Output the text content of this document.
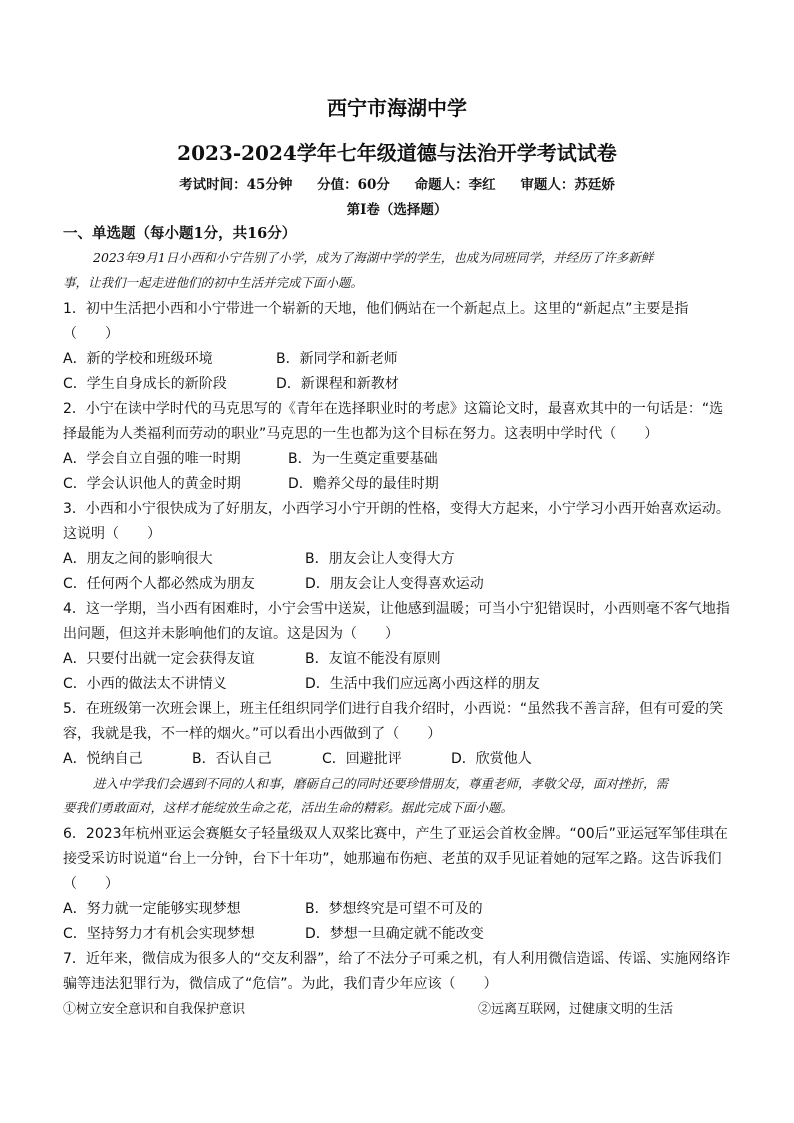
西宁市海湖中学
2023-2024学年七年级道德与法治开学考试试卷
考试时间：45分钟 分值：60分 命题人：李红 审题人：苏廷娇
第Ⅰ卷（选择题）
一、单选题（每小题1分，共16分）
2023年9月1日小西和小宁告别了小学，成为了海湖中学的学生，也成为同班同学，并经历了许多新鲜
事，让我们一起走进他们的初中生活并完成下面小题。
1．初中生活把小西和小宁带进一个崭新的天地，他们俩站在一个新起点上。这里的“新起点”主要是指
（　　）
A．新的学校和班级环境	B．新同学和新老师
C．学生自身成长的新阶段	D．新课程和新教材
2．小宁在读中学时代的马克思写的《青年在选择职业时的考虑》这篇论文时，最喜欢其中的一句话是：“选
择最能为人类福利而劳动的职业”马克思的一生也都为这个目标在努力。这表明中学时代（　　）
A．学会自立自强的唯一时期	B．为一生奠定重要基础
C．学会认识他人的黄金时期	D．赡养父母的最佳时期
3．小西和小宁很快成为了好朋友，小西学习小宁开朗的性格，变得大方起来，小宁学习小西开始喜欢运动。
这说明（　　）
A．朋友之间的影响很大	B．朋友会让人变得大方
C．任何两个人都必然成为朋友	D．朋友会让人变得喜欢运动
4．这一学期，当小西有困难时，小宁会雪中送炭，让他感到温暖；可当小宁犯错误时，小西则毫不客气地指
出问题，但这并未影响他们的友谊。这是因为（　　）
A．只要付出就一定会获得友谊	B．友谊不能没有原则
C．小西的做法太不讲情义	D．生活中我们应远离小西这样的朋友
5．在班级第一次班会课上，班主任组织同学们进行自我介绍时，小西说：“虽然我不善言辞，但有可爱的笑
容，我就是我，不一样的烟火。”可以看出小西做到了（　　）
A．悦纳自己	B．否认自己	C．回避批评	D．欣赏他人
进入中学我们会遇到不同的人和事，磨砺自己的同时还要珍惜朋友，尊重老师，孝敬父母，面对挫折，需
要我们勇敢面对，这样才能绽放生命之花，活出生命的精彩。据此完成下面小题。
6．2023年杭州亚运会赛艇女子轻量级双人双桨比赛中，产生了亚运会首枚金牌。“00后”亚运冠军邹佳琪在
接受采访时说道“台上一分钟，台下十年功”，她那遍布伤疤、老茧的双手见证着她的冠军之路。这告诉我们
（　　）
A．努力就一定能够实现梦想	B．梦想终究是可望不可及的
C．坚持努力才有机会实现梦想	D．梦想一旦确定就不能改变
7．近年来，微信成为很多人的“交友利器”，给了不法分子可乘之机，有人利用微信造谣、传谣、实施网络诈
骗等违法犯罪行为，微信成了“危信”。为此，我们青少年应该（　　）
①树立安全意识和自我保护意识	②远离互联网，过健康文明的生活
